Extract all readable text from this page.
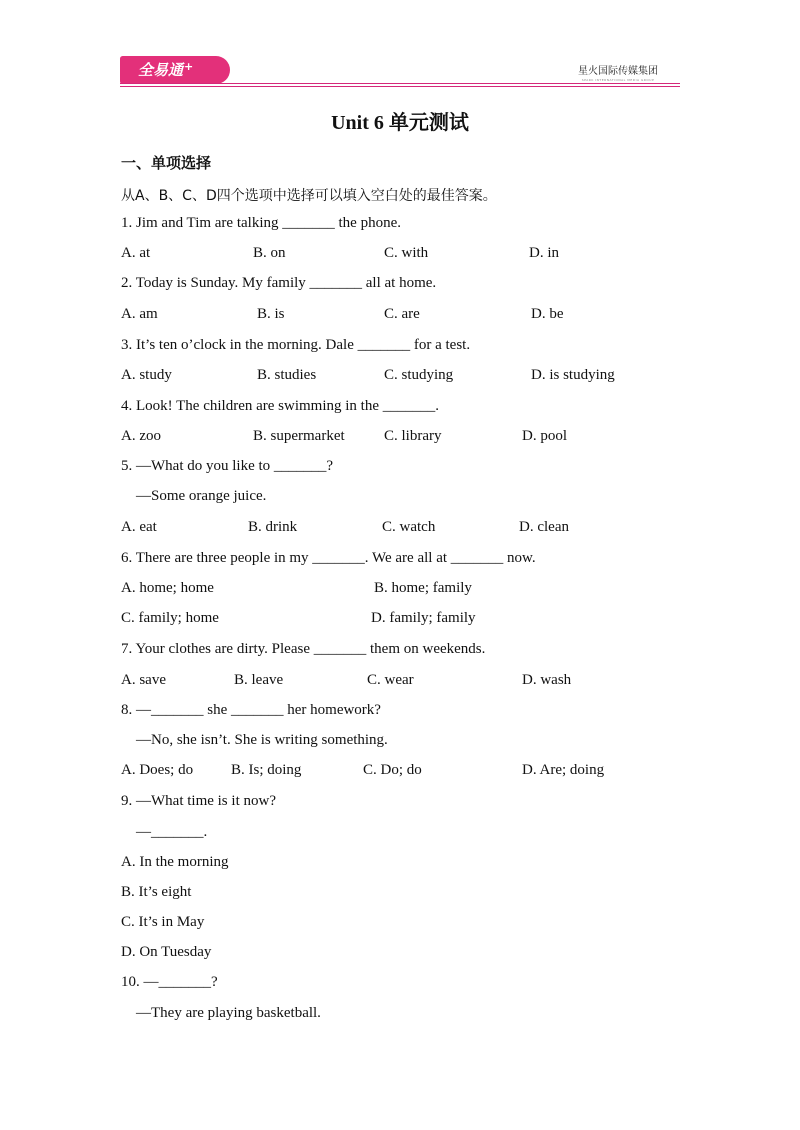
全易通+	星火国际传媒集团
SPARK INTERNATIONAL MEDIA GROUP
Unit 6 单元测试
一、单项选择
从A、B、C、D四个选项中选择可以填入空白处的最佳答案。
1. Jim and Tim are talking _______ the phone.
A. at	B. on	C. with	D. in
2. Today is Sunday. My family _______ all at home.
A. am	B. is	C. are	D. be
3. It’s ten o’clock in the morning. Dale _______ for a test.
A. study	B. studies	C. studying	D. is studying
4. Look! The children are swimming in the _______.
A. zoo	B. supermarket	C. library	D. pool
5. —What do you like to _______?
—Some orange juice.
A. eat	B. drink	C. watch	D. clean
6. There are three people in my _______. We are all at _______ now.
A. home; home	B. home; family
C. family; home	D. family; family
7. Your clothes are dirty. Please _______ them on weekends.
A. save	B. leave	C. wear	D. wash
8. —_______ she _______ her homework?
—No, she isn’t. She is writing something.
A. Does; do	B. Is; doing	C. Do; do	D. Are; doing
9. —What time is it now?
—_______.
A. In the morning
B. It’s eight
C. It’s in May
D. On Tuesday
10. —_______?
—They are playing basketball.
